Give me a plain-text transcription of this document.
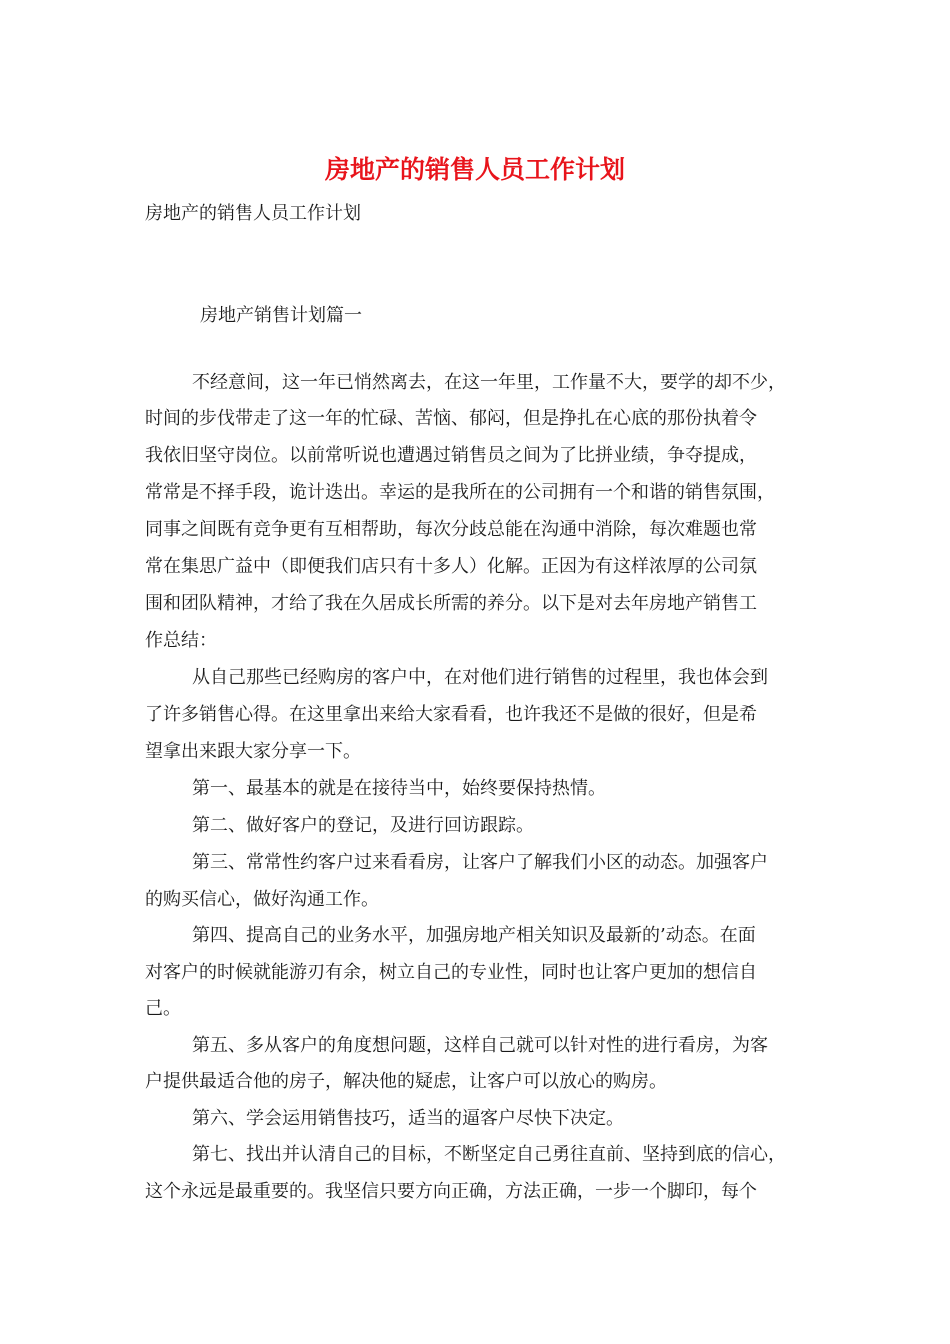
房地产的销售人员工作计划

房地产的销售人员工作计划

房地产销售计划篇一

不经意间，这一年已悄然离去，在这一年里，工作量不大，要学的却不少，

时间的步伐带走了这一年的忙碌、苦恼、郁闷，但是挣扎在心底的那份执着令

我依旧坚守岗位。以前常听说也遭遇过销售员之间为了比拼业绩，争夺提成，

常常是不择手段，诡计迭出。幸运的是我所在的公司拥有一个和谐的销售氛围，

同事之间既有竞争更有互相帮助，每次分歧总能在沟通中消除，每次难题也常

常在集思广益中（即便我们店只有十多人）化解。正因为有这样浓厚的公司氛

围和团队精神，才给了我在久居成长所需的养分。以下是对去年房地产销售工

作总结：

从自己那些已经购房的客户中，在对他们进行销售的过程里，我也体会到

了许多销售心得。在这里拿出来给大家看看，也许我还不是做的很好，但是希

望拿出来跟大家分享一下。

第一、最基本的就是在接待当中，始终要保持热情。

第二、做好客户的登记，及进行回访跟踪。

第三、常常性约客户过来看看房，让客户了解我们小区的动态。加强客户

的购买信心，做好沟通工作。

第四、提高自己的业务水平，加强房地产相关知识及最新的’动态。在面

对客户的时候就能游刃有余，树立自己的专业性，同时也让客户更加的想信自

己。

第五、多从客户的角度想问题，这样自己就可以针对性的进行看房，为客

户提供最适合他的房子，解决他的疑虑，让客户可以放心的购房。

第六、学会运用销售技巧，适当的逼客户尽快下决定。

第七、找出并认清自己的目标，不断坚定自己勇往直前、坚持到底的信心，

这个永远是最重要的。我坚信只要方向正确，方法正确，一步一个脚印，每个
